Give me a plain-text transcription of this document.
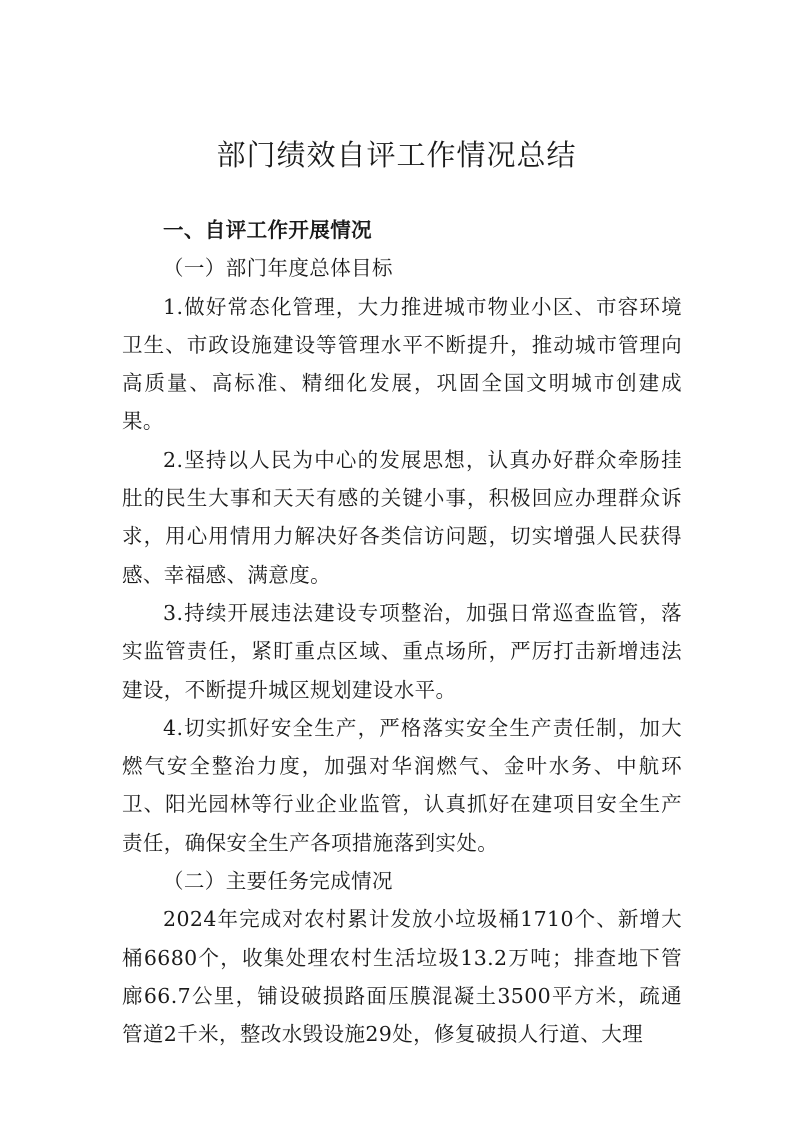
部门绩效自评工作情况总结
一、自评工作开展情况
（一）部门年度总体目标

1.做好常态化管理，大力推进城市物业小区、市容环境卫生、市政设施建设等管理水平不断提升，推动城市管理向高质量、高标准、精细化发展，巩固全国文明城市创建成果。

2.坚持以人民为中心的发展思想，认真办好群众牵肠挂肚的民生大事和天天有感的关键小事，积极回应办理群众诉求，用心用情用力解决好各类信访问题，切实增强人民获得感、幸福感、满意度。

3.持续开展违法建设专项整治，加强日常巡查监管，落实监管责任，紧盯重点区域、重点场所，严厉打击新增违法建设，不断提升城区规划建设水平。

4.切实抓好安全生产，严格落实安全生产责任制，加大燃气安全整治力度，加强对华润燃气、金叶水务、中航环卫、阳光园林等行业企业监管，认真抓好在建项目安全生产责任，确保安全生产各项措施落到实处。

（二）主要任务完成情况

2024年完成对农村累计发放小垃圾桶1710个、新增大桶6680个，收集处理农村生活垃圾13.2万吨；排查地下管廊66.7公里，铺设破损路面压膜混凝土3500平方米，疏通管道2千米，整改水毁设施29处，修复破损人行道、大理
